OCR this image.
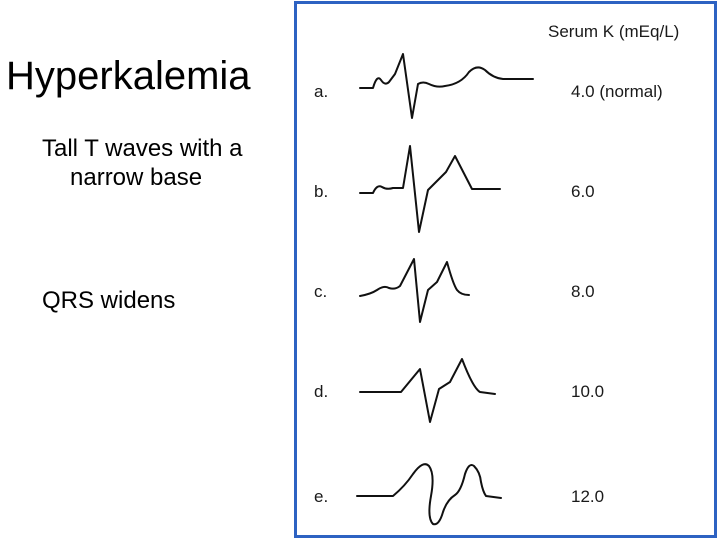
Hyperkalemia
Tall T waves with a
narrow base
QRS widens
Serum K (mEq/L)
a.	4.0 (normal)
b.	6.0
c.	8.0
d.	10.0
e.	12.0
